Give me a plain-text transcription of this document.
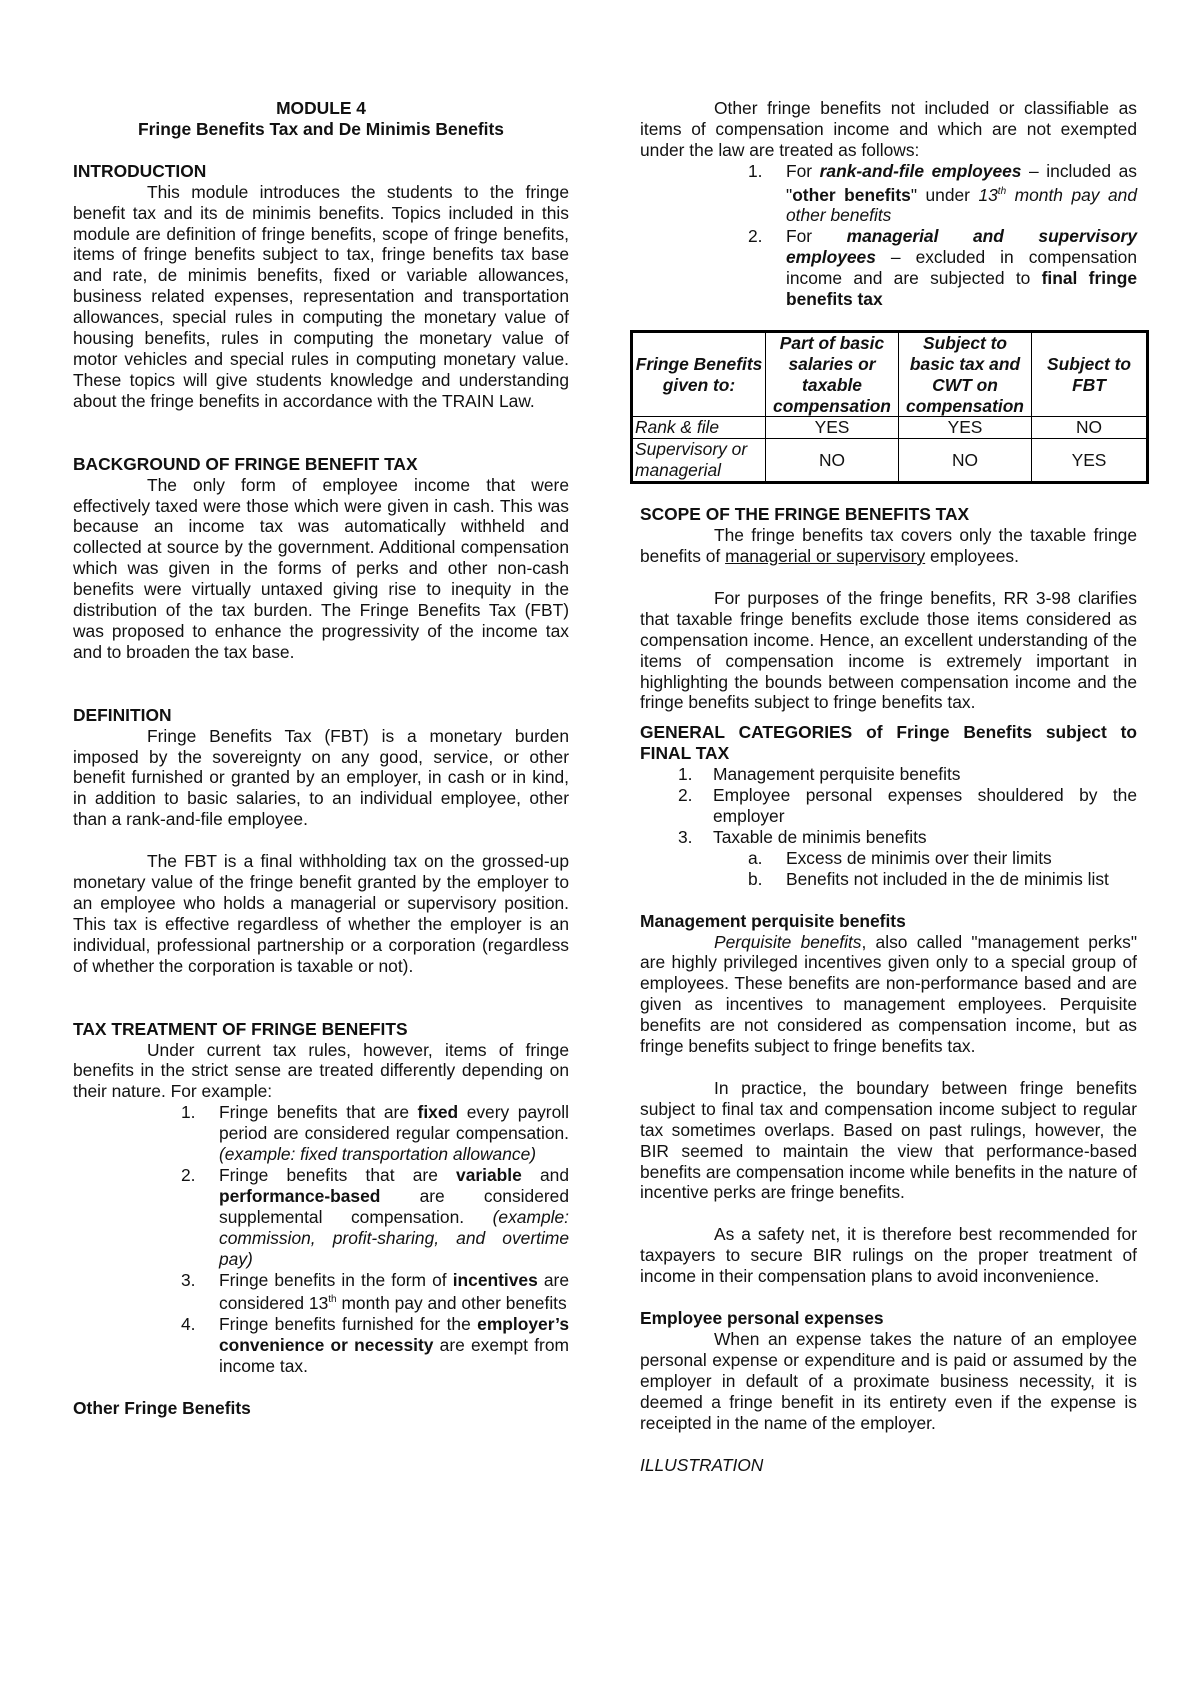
MODULE 4

Fringe Benefits Tax and De Minimis Benefits

INTRODUCTION

This module introduces the students to the fringe benefit tax and its de minimis benefits. Topics included in this module are definition of fringe benefits, scope of fringe benefits, items of fringe benefits subject to tax, fringe benefits tax base and rate, de minimis benefits, fixed or variable allowances, business related expenses, representation and transportation allowances, special rules in computing the monetary value of housing benefits, rules in computing the monetary value of motor vehicles and special rules in computing monetary value. These topics will give students knowledge and understanding about the fringe benefits in accordance with the TRAIN Law.

BACKGROUND OF FRINGE BENEFIT TAX

The only form of employee income that were effectively taxed were those which were given in cash. This was because an income tax was automatically withheld and collected at source by the government. Additional compensation which was given in the forms of perks and other non-cash benefits were virtually untaxed giving rise to inequity in the distribution of the tax burden. The Fringe Benefits Tax (FBT) was proposed to enhance the progressivity of the income tax and to broaden the tax base.

DEFINITION

Fringe Benefits Tax (FBT) is a monetary burden imposed by the sovereignty on any good, service, or other benefit furnished or granted by an employer, in cash or in kind, in addition to basic salaries, to an individual employee, other than a rank-and-file employee.

The FBT is a final withholding tax on the grossed-up monetary value of the fringe benefit granted by the employer to an employee who holds a managerial or supervisory position. This tax is effective regardless of whether the employer is an individual, professional partnership or a corporation (regardless of whether the corporation is taxable or not).

TAX TREATMENT OF FRINGE BENEFITS

Under current tax rules, however, items of fringe benefits in the strict sense are treated differently depending on their nature. For example:

1. Fringe benefits that are fixed every payroll period are considered regular compensation. (example: fixed transportation allowance)
2. Fringe benefits that are variable and performance-based are considered supplemental compensation. (example: commission, profit-sharing, and overtime pay)
3. Fringe benefits in the form of incentives are considered 13th month pay and other benefits
4. Fringe benefits furnished for the employer’s convenience or necessity are exempt from income tax.

Other Fringe Benefits

Other fringe benefits not included or classifiable as items of compensation income and which are not exempted under the law are treated as follows:

1. For rank-and-file employees – included as "other benefits" under 13th month pay and other benefits
2. For managerial and supervisory employees – excluded in compensation income and are subjected to final fringe benefits tax
Fringe Benefits given to:	Part of basic salaries or taxable compensation	Subject to basic tax and CWT on compensation	Subject to FBT
Rank & file	YES	YES	NO
Supervisory or managerial	NO	NO	YES

SCOPE OF THE FRINGE BENEFITS TAX

The fringe benefits tax covers only the taxable fringe benefits of managerial or supervisory employees.

For purposes of the fringe benefits, RR 3-98 clarifies that taxable fringe benefits exclude those items considered as compensation income. Hence, an excellent understanding of the items of compensation income is extremely important in highlighting the bounds between compensation income and the fringe benefits subject to fringe benefits tax.

GENERAL CATEGORIES of Fringe Benefits subject to FINAL TAX

1. Management perquisite benefits
2. Employee personal expenses shouldered by the employer
3. Taxable de minimis benefits
a. Excess de minimis over their limits
b. Benefits not included in the de minimis list

Management perquisite benefits

Perquisite benefits, also called "management perks" are highly privileged incentives given only to a special group of employees. These benefits are non-performance based and are given as incentives to management employees. Perquisite benefits are not considered as compensation income, but as fringe benefits subject to fringe benefits tax.

In practice, the boundary between fringe benefits subject to final tax and compensation income subject to regular tax sometimes overlaps. Based on past rulings, however, the BIR seemed to maintain the view that performance-based benefits are compensation income while benefits in the nature of incentive perks are fringe benefits.

As a safety net, it is therefore best recommended for taxpayers to secure BIR rulings on the proper treatment of income in their compensation plans to avoid inconvenience.

Employee personal expenses

When an expense takes the nature of an employee personal expense or expenditure and is paid or assumed by the employer in default of a proximate business necessity, it is deemed a fringe benefit in its entirety even if the expense is receipted in the name of the employer.

ILLUSTRATION
